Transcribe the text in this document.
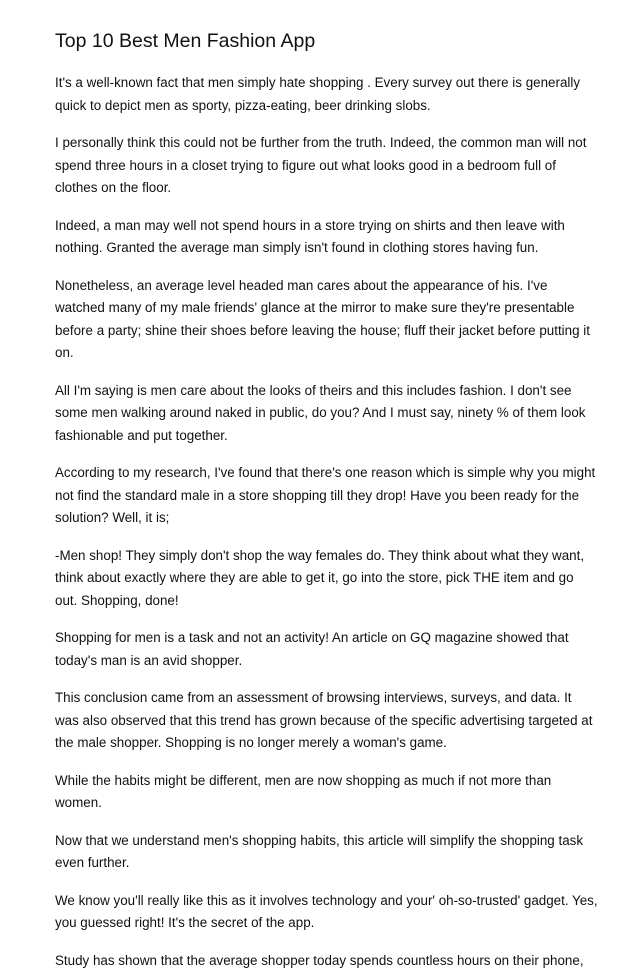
Top 10 Best Men Fashion App

It's a well-known fact that men simply hate shopping . Every survey out there is generally quick to depict men as sporty, pizza-eating, beer drinking slobs.

I personally think this could not be further from the truth. Indeed, the common man will not spend three hours in a closet trying to figure out what looks good in a bedroom full of clothes on the floor.

Indeed, a man may well not spend hours in a store trying on shirts and then leave with nothing. Granted the average man simply isn't found in clothing stores having fun.

Nonetheless, an average level headed man cares about the appearance of his. I've watched many of my male friends' glance at the mirror to make sure they're presentable before a party; shine their shoes before leaving the house; fluff their jacket before putting it on.

All I'm saying is men care about the looks of theirs and this includes fashion. I don't see some men walking around naked in public, do you? And I must say, ninety % of them look fashionable and put together.

According to my research, I've found that there's one reason which is simple why you might not find the standard male in a store shopping till they drop! Have you been ready for the solution? Well, it is;

-Men shop! They simply don't shop the way females do. They think about what they want, think about exactly where they are able to get it, go into the store, pick THE item and go out. Shopping, done!

Shopping for men is a task and not an activity! An article on GQ magazine showed that today's man is an avid shopper.

This conclusion came from an assessment of browsing interviews, surveys, and data. It was also observed that this trend has grown because of the specific advertising targeted at the male shopper. Shopping is no longer merely a woman's game.

While the habits might be different, men are now shopping as much if not more than women.

Now that we understand men's shopping habits, this article will simplify the shopping task even further.

We know you'll really like this as it involves technology and your' oh-so-trusted' gadget. Yes, you guessed right! It's the secret of the app.

Study has shown that the average shopper today spends countless hours on their phone,
